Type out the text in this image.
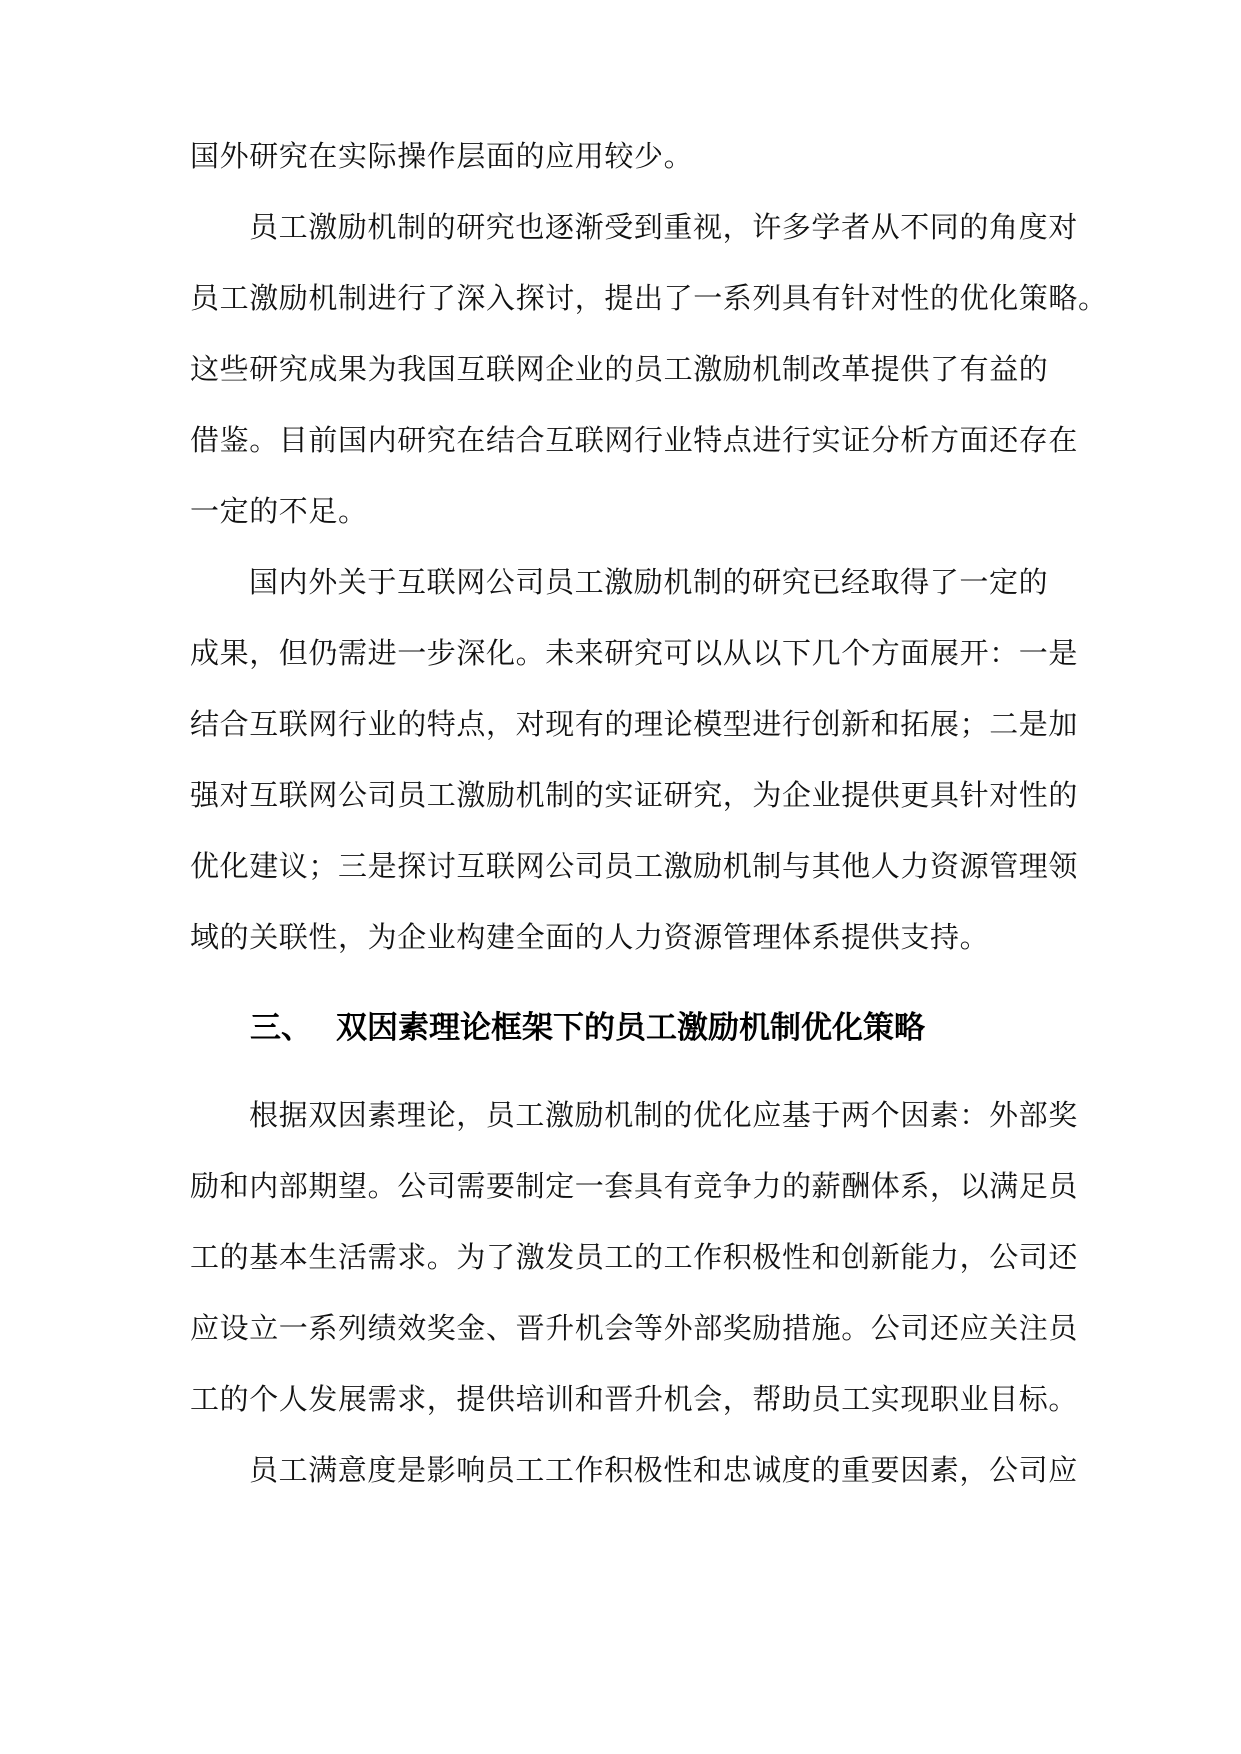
国外研究在实际操作层面的应用较少。
员工激励机制的研究也逐渐受到重视，许多学者从不同的角度对
员工激励机制进行了深入探讨，提出了一系列具有针对性的优化策略。
这些研究成果为我国互联网企业的员工激励机制改革提供了有益的
借鉴。目前国内研究在结合互联网行业特点进行实证分析方面还存在
一定的不足。
国内外关于互联网公司员工激励机制的研究已经取得了一定的
成果，但仍需进一步深化。未来研究可以从以下几个方面展开：一是
结合互联网行业的特点，对现有的理论模型进行创新和拓展；二是加
强对互联网公司员工激励机制的实证研究，为企业提供更具针对性的
优化建议；三是探讨互联网公司员工激励机制与其他人力资源管理领
域的关联性，为企业构建全面的人力资源管理体系提供支持。
三、 双因素理论框架下的员工激励机制优化策略
根据双因素理论，员工激励机制的优化应基于两个因素：外部奖
励和内部期望。公司需要制定一套具有竞争力的薪酬体系，以满足员
工的基本生活需求。为了激发员工的工作积极性和创新能力，公司还
应设立一系列绩效奖金、晋升机会等外部奖励措施。公司还应关注员
工的个人发展需求，提供培训和晋升机会，帮助员工实现职业目标。
员工满意度是影响员工工作积极性和忠诚度的重要因素，公司应
